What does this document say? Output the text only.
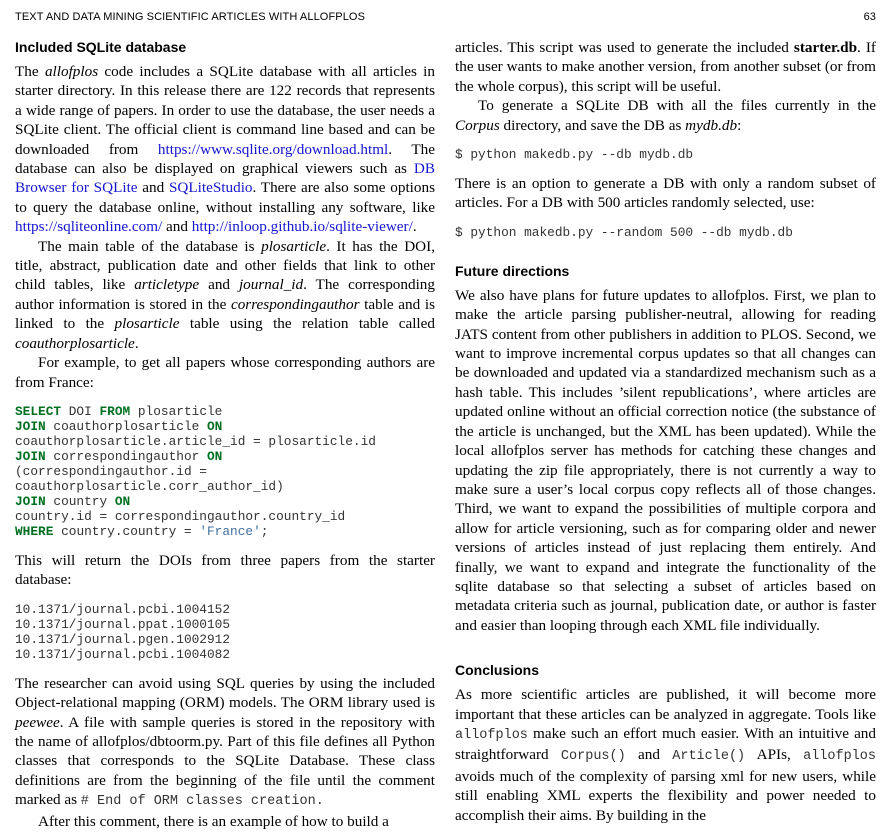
TEXT AND DATA MINING SCIENTIFIC ARTICLES WITH ALLOFPLOS	63
Included SQLite database

The allofplos code includes a SQLite database with all articles in starter directory. In this release there are 122 records that represents a wide range of papers. In order to use the database, the user needs a SQLite client. The official client is command line based and can be downloaded from https://www.sqlite.org/download.html. The database can also be displayed on graphical viewers such as DB Browser for SQLite and SQLiteStudio. There are also some options to query the database online, without installing any software, like https://sqliteonline.com/ and http://inloop.github.io/sqlite-viewer/.

The main table of the database is plosarticle. It has the DOI, title, abstract, publication date and other fields that link to other child tables, like articletype and journal_id. The corresponding author information is stored in the correspondingauthor table and is linked to the plosarticle table using the relation table called coauthorplosarticle.

For example, to get all papers whose corresponding authors are from France:

SELECT DOI FROM plosarticle
JOIN coauthorplosarticle ON
coauthorplosarticle.article_id = plosarticle.id
JOIN correspondingauthor ON
(correspondingauthor.id =
coauthorplosarticle.corr_author_id)
JOIN country ON
country.id = correspondingauthor.country_id
WHERE country.country = 'France';

This will return the DOIs from three papers from the starter database:

10.1371/journal.pcbi.1004152
10.1371/journal.ppat.1000105
10.1371/journal.pgen.1002912
10.1371/journal.pcbi.1004082

The researcher can avoid using SQL queries by using the included Object-relational mapping (ORM) models. The ORM library used is peewee. A file with sample queries is stored in the repository with the name of allofplos/dbtoorm.py. Part of this file defines all Python classes that corresponds to the SQLite Database. These class definitions are from the beginning of the file until the comment marked as # End of ORM classes creation.

After this comment, there is an example of how to build a

articles. This script was used to generate the included starter.db. If the user wants to make another version, from another subset (or from the whole corpus), this script will be useful.

To generate a SQLite DB with all the files currently in the Corpus directory, and save the DB as mydb.db:

$ python makedb.py --db mydb.db

There is an option to generate a DB with only a random subset of articles. For a DB with 500 articles randomly selected, use:

$ python makedb.py --random 500 --db mydb.db
Future directions

We also have plans for future updates to allofplos. First, we plan to make the article parsing publisher-neutral, allowing for reading JATS content from other publishers in addition to PLOS. Second, we want to improve incremental corpus updates so that all changes can be downloaded and updated via a standardized mechanism such as a hash table. This includes ’silent republications’, where articles are updated online without an official correction notice (the substance of the article is unchanged, but the XML has been updated). While the local allofplos server has methods for catching these changes and updating the zip file appropriately, there is not currently a way to make sure a user’s local corpus copy reflects all of those changes. Third, we want to expand the possibilities of multiple corpora and allow for article versioning, such as for comparing older and newer versions of articles instead of just replacing them entirely. And finally, we want to expand and integrate the functionality of the sqlite database so that selecting a subset of articles based on metadata criteria such as journal, publication date, or author is faster and easier than looping through each XML file individually.

Conclusions

As more scientific articles are published, it will become more important that these articles can be analyzed in aggregate. Tools like allofplos make such an effort much easier. With an intuitive and straightforward Corpus() and Article() APIs, allofplos avoids much of the complexity of parsing xml for new users, while still enabling XML experts the flexibility and power needed to accomplish their aims. By building in the
